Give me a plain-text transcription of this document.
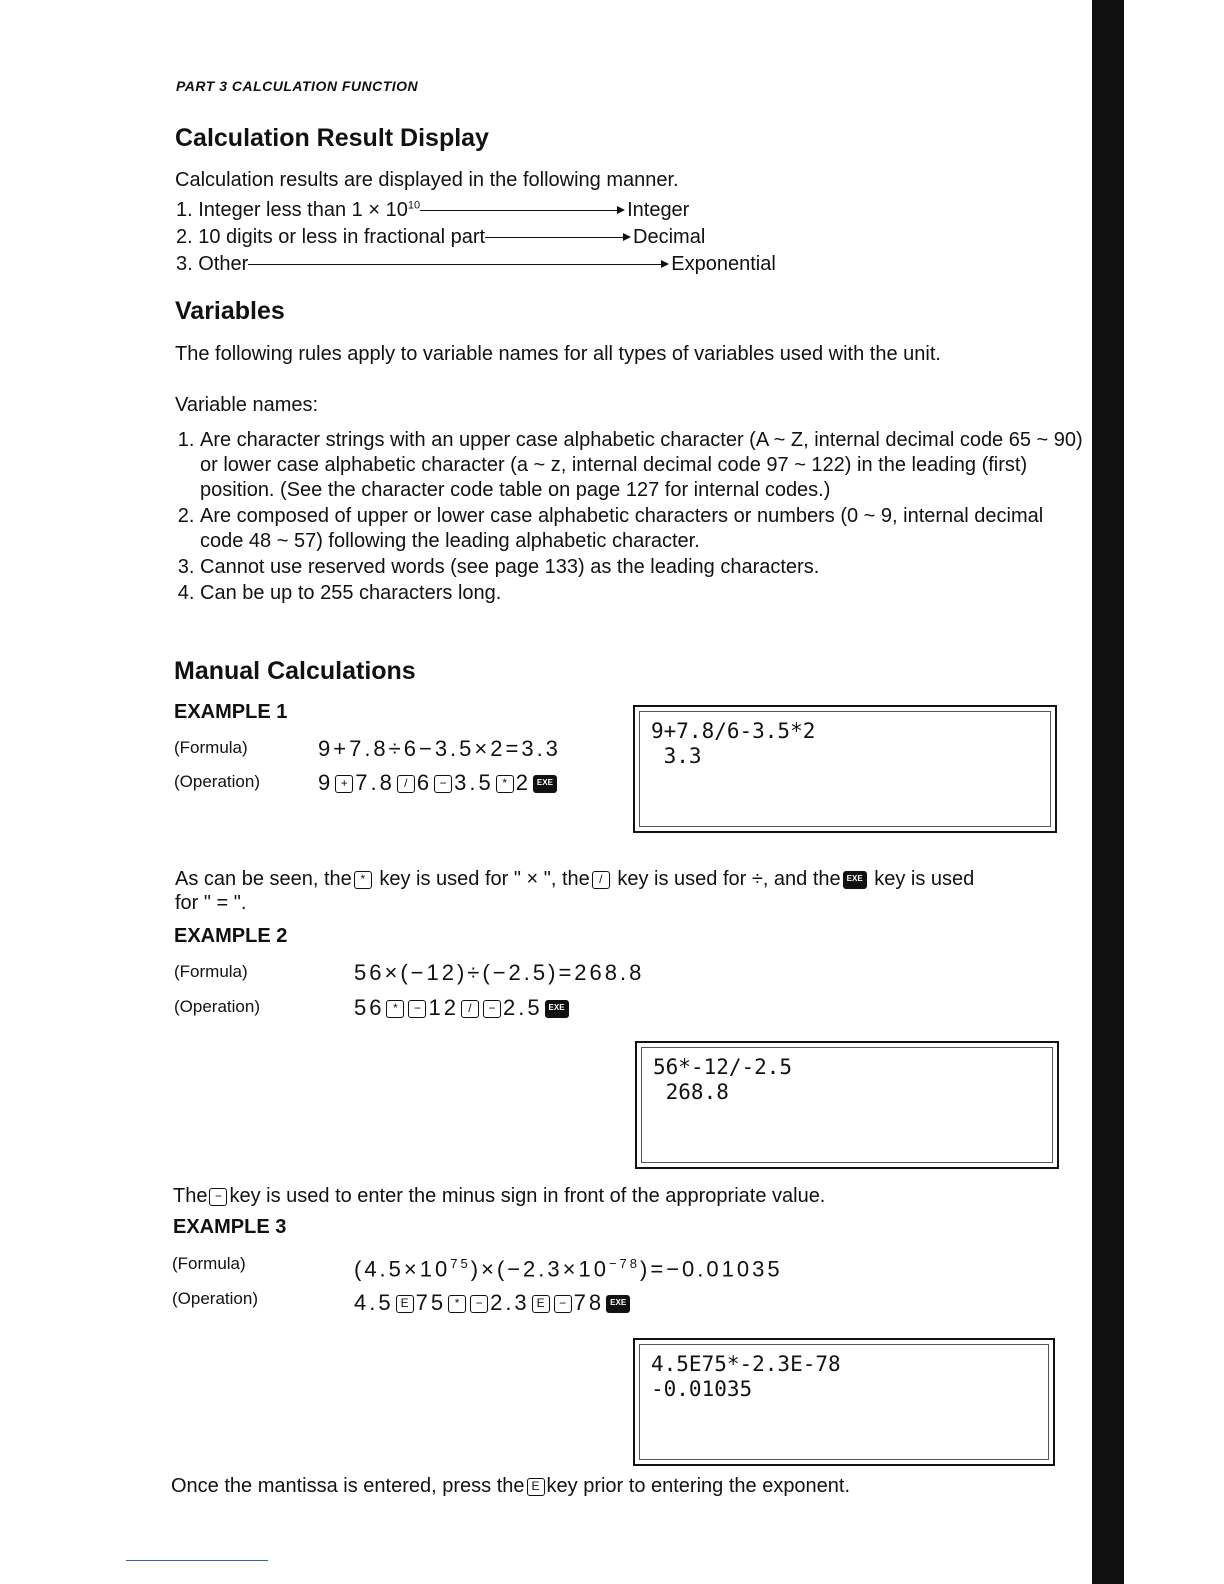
PART 3 CALCULATION FUNCTION
Calculation Result Display
Calculation results are displayed in the following manner.
1. Integer less than $1 \times 10^{10}$	Integer
2. 10 digits or less in fractional part	Decimal
3. Other	Exponential
Variables
The following rules apply to variable names for all types of variables used with the unit.
Variable names:
1. Are character strings with an upper case alphabetic character (A ~ Z, internal decimal code 65 ~ 90) or lower case alphabetic character (a ~ z, internal decimal code 97 ~ 122) in the leading (first) position. (See the character code table on page 127 for internal codes.)
2. Are composed of upper or lower case alphabetic characters or numbers (0 ~ 9, internal decimal code 48 ~ 57) following the leading alphabetic character.
3. Cannot use reserved words (see page 133) as the leading characters.
4. Can be up to 255 characters long.
Manual Calculations
EXAMPLE 1
(Formula)	9+7.8÷6−3.5×2=3.3
(Operation)	9 + 7.8 / 6 − 3.5 * 2 EXE
9+7.8/6-3.5*2
3.3
As can be seen, the * key is used for " × ", the / key is used for ÷, and the EXE key is used
for " = ".
EXAMPLE 2
(Formula)	56×(−12)÷(−2.5)=268.8
(Operation)	56 * − 12 / − 2.5 EXE
56*-12/-2.5
268.8
The − key is used to enter the minus sign in front of the appropriate value.
EXAMPLE 3
(Formula)	$(4.5\times 10^{75})\times(-2.3\times 10^{-78})=-0.01035$
(Operation)	4.5 E 75 * − 2.3 E − 78 EXE
4.5E75*-2.3E-78
-0.01035
Once the mantissa is entered, press the E key prior to entering the exponent.
